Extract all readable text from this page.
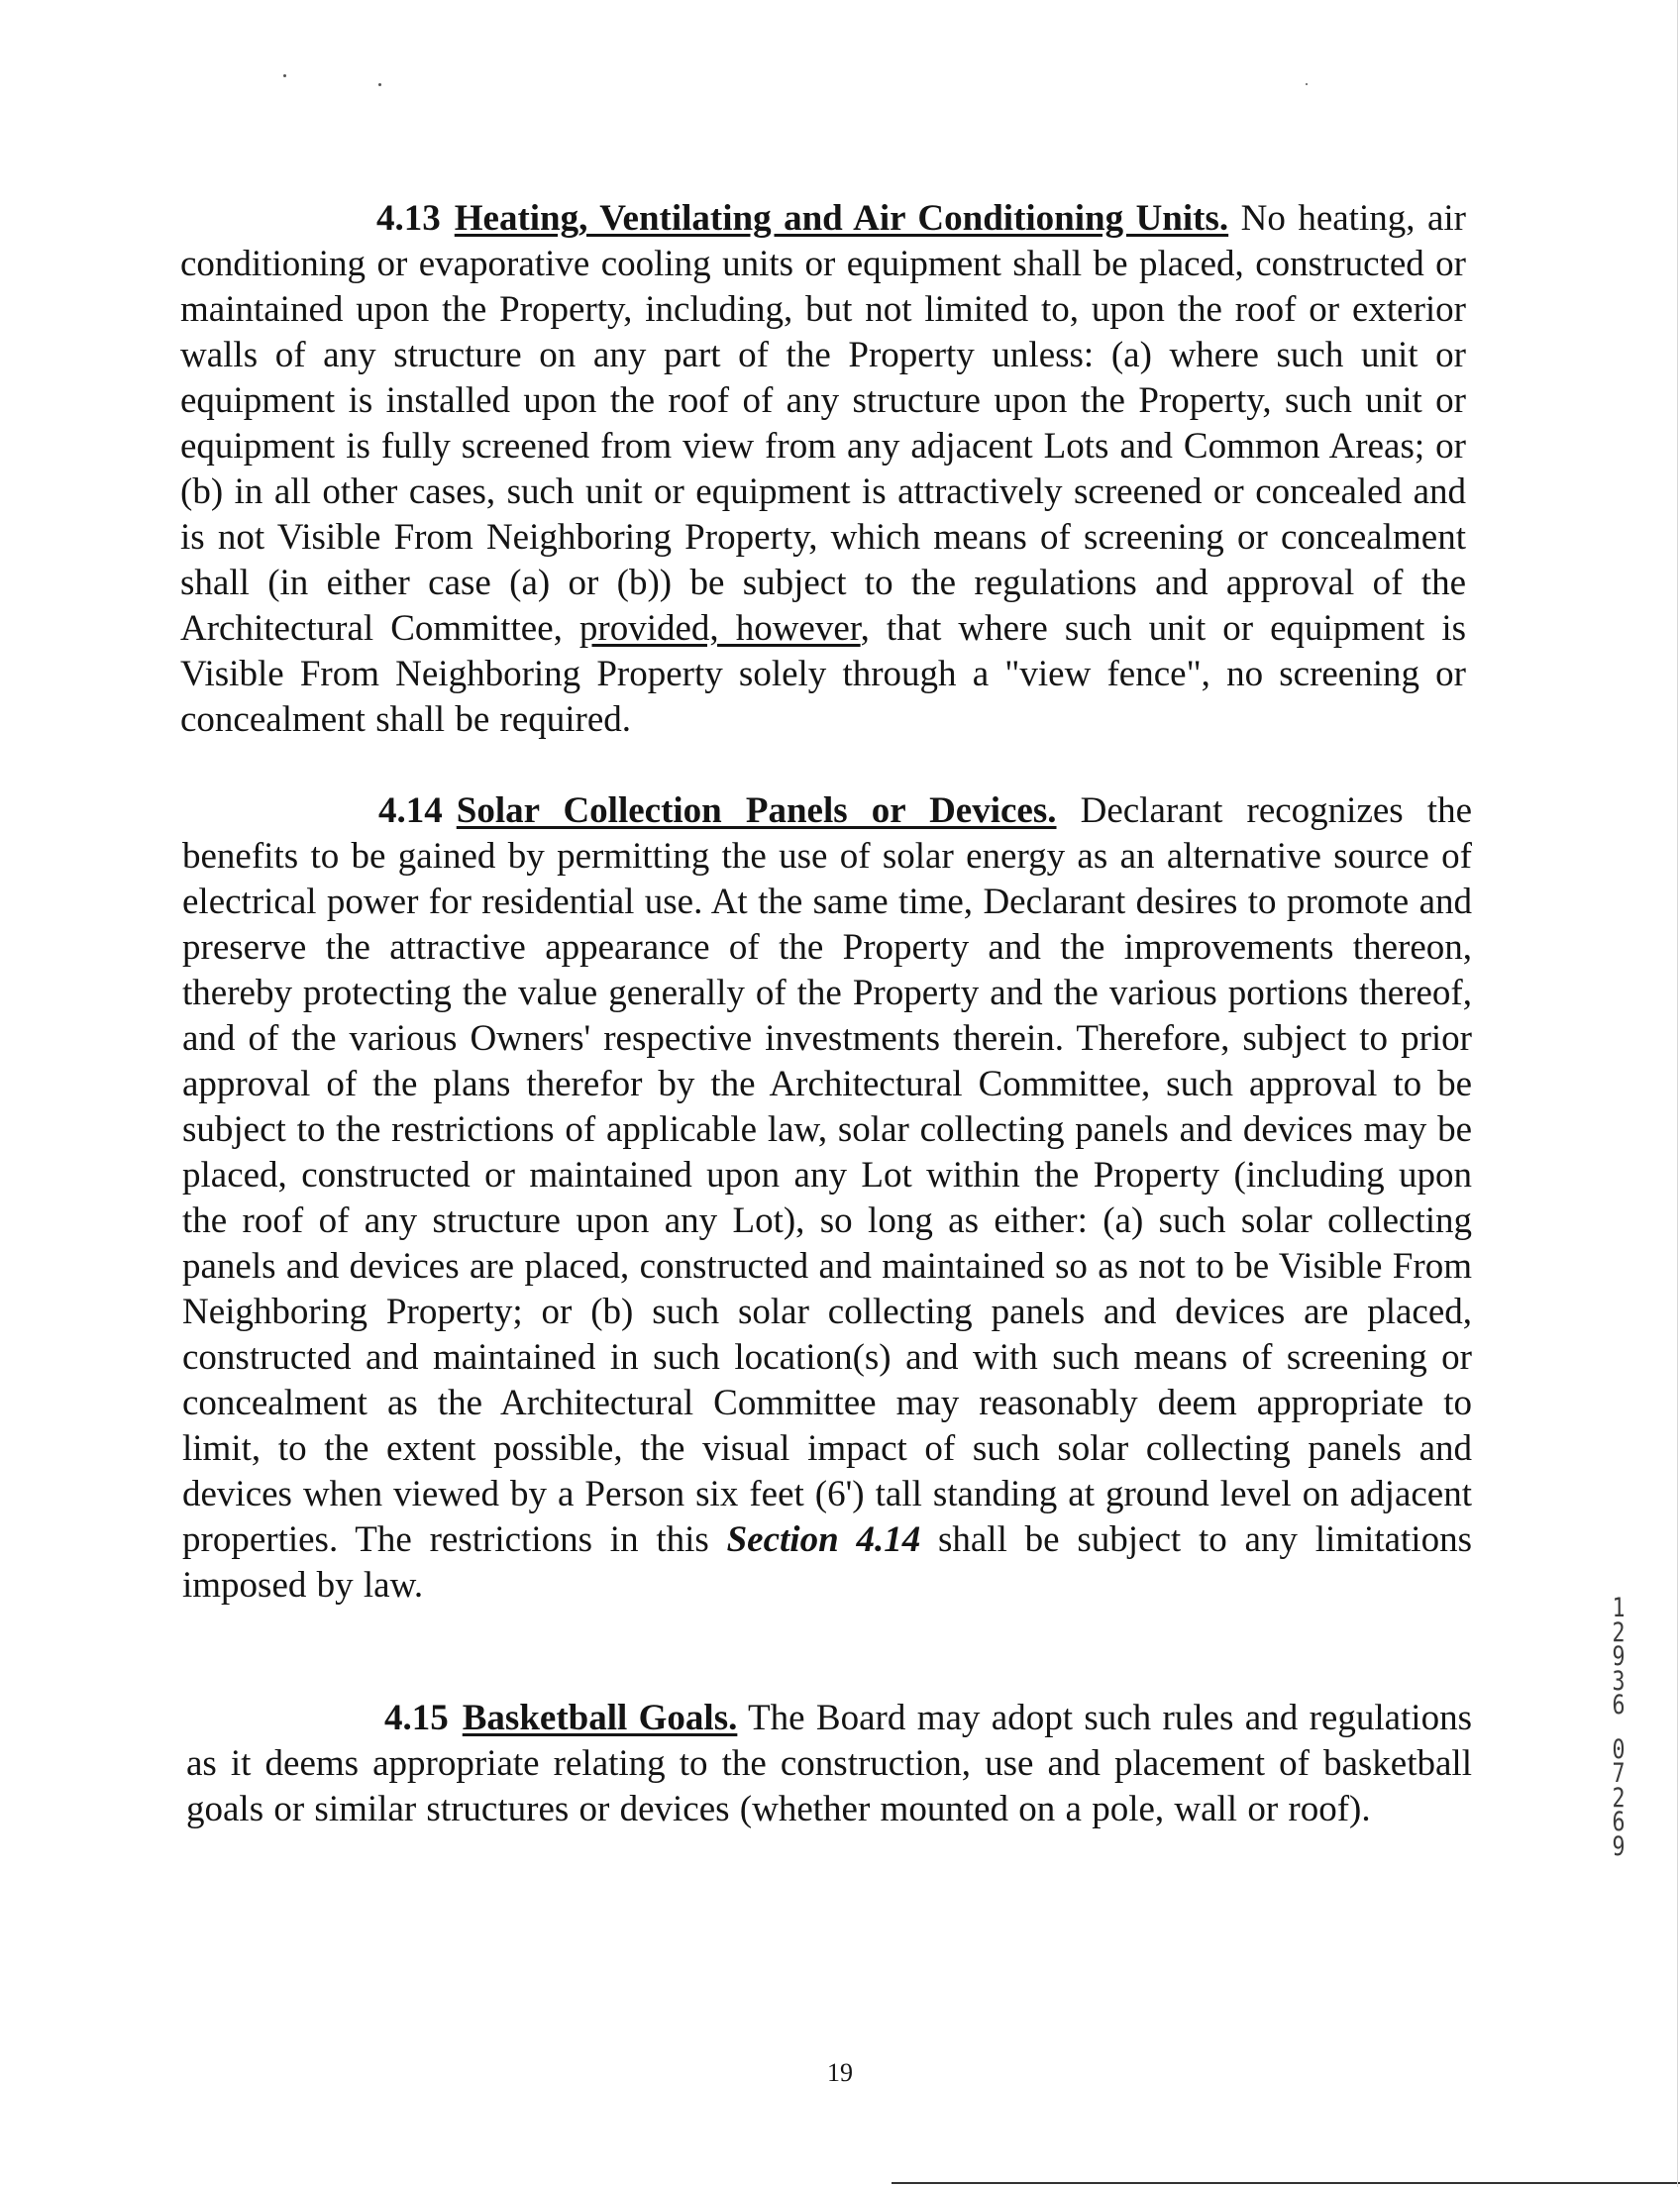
4.13 Heating, Ventilating and Air Conditioning Units. No heating, air conditioning or evaporative cooling units or equipment shall be placed, constructed or maintained upon the Property, including, but not limited to, upon the roof or exterior walls of any structure on any part of the Property unless: (a) where such unit or equipment is installed upon the roof of any structure upon the Property, such unit or equipment is fully screened from view from any adjacent Lots and Common Areas; or (b) in all other cases, such unit or equipment is attractively screened or concealed and is not Visible From Neighboring Property, which means of screening or concealment shall (in either case (a) or (b)) be subject to the regulations and approval of the Architectural Committee, provided, however, that where such unit or equipment is Visible From Neighboring Property solely through a "view fence", no screening or concealment shall be required.
4.14 Solar Collection Panels or Devices. Declarant recognizes the benefits to be gained by permitting the use of solar energy as an alternative source of electrical power for residential use. At the same time, Declarant desires to promote and preserve the attractive appearance of the Property and the improvements thereon, thereby protecting the value generally of the Property and the various portions thereof, and of the various Owners' respective investments therein. Therefore, subject to prior approval of the plans therefor by the Architectural Committee, such approval to be subject to the restrictions of applicable law, solar collecting panels and devices may be placed, constructed or maintained upon any Lot within the Property (including upon the roof of any structure upon any Lot), so long as either: (a) such solar collecting panels and devices are placed, constructed and maintained so as not to be Visible From Neighboring Property; or (b) such solar collecting panels and devices are placed, constructed and maintained in such location(s) and with such means of screening or concealment as the Architectural Committee may reasonably deem appropriate to limit, to the extent possible, the visual impact of such solar collecting panels and devices when viewed by a Person six feet (6') tall standing at ground level on adjacent properties. The restrictions in this Section 4.14 shall be subject to any limitations imposed by law.
4.15 Basketball Goals. The Board may adopt such rules and regulations as it deems appropriate relating to the construction, use and placement of basketball goals or similar structures or devices (whether mounted on a pole, wall or roof).
19
1
2
9
3
6
0
7
2
6
9
